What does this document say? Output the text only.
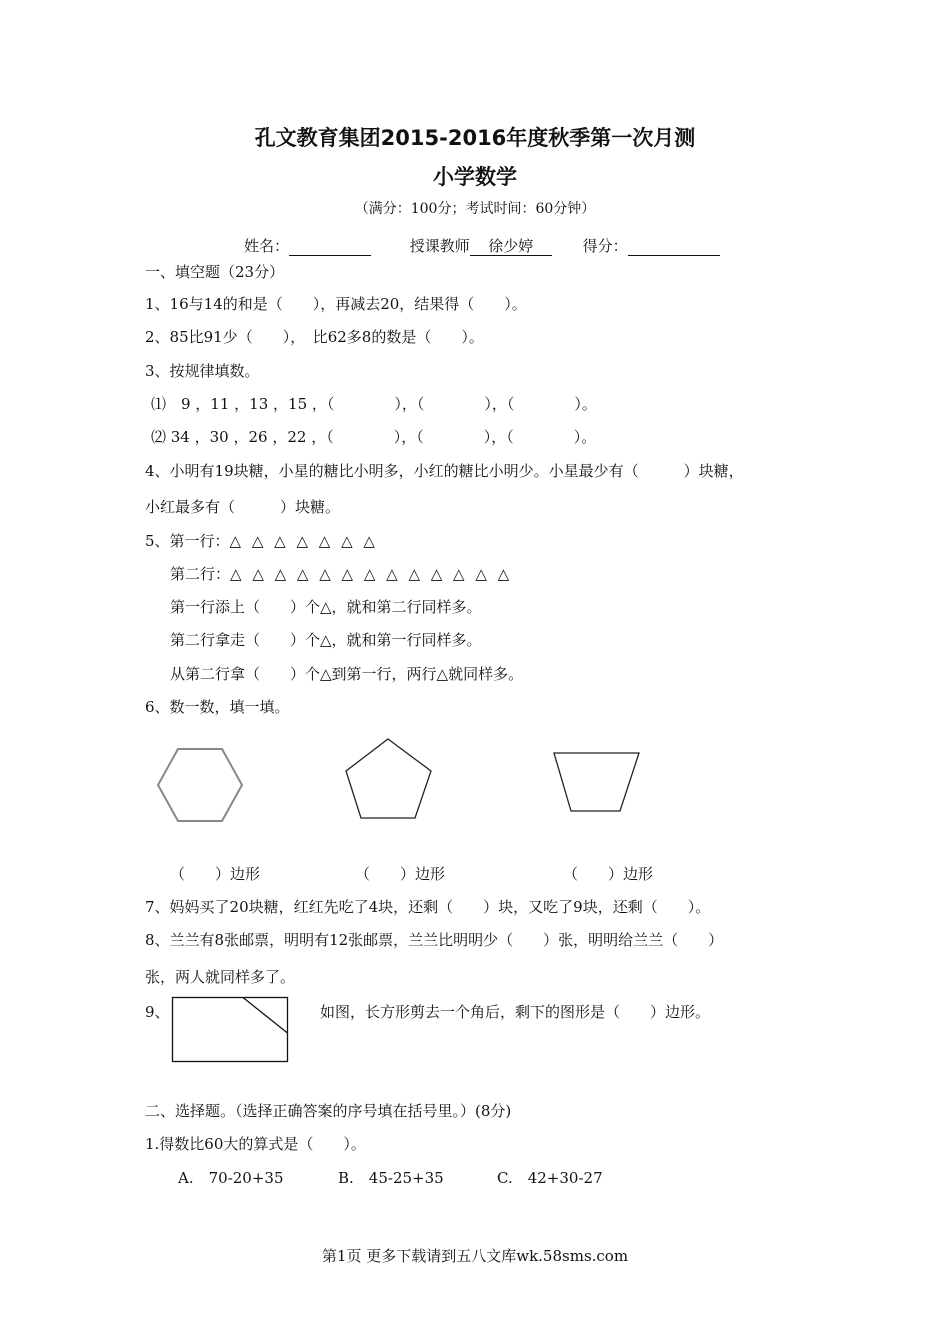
孔文教育集团2015-2016年度秋季第一次月测
小学数学
（满分：100分；考试时间：60分钟）
姓名：	授课教师 徐少婷	得分：
一、填空题（23分）
1、16与14的和是（　　），再减去20，结果得（　　）。
2、85比91少（　　），　比62多8的数是（　　）。
3、按规律填数。
⑴　9 ，11 ，13 ，15 ，（　　　　），（　　　　），（　　　　）。
⑵ 34 ，30 ，26 ，22 ，（　　　　），（　　　　），（　　　　）。
4、小明有19块糖，小星的糖比小明多，小红的糖比小明少。小星最少有（　　　）块糖，
小红最多有（　　　）块糖。
5、第一行：△ △ △ △ △ △ △
第二行：△ △ △ △ △ △ △ △ △ △ △ △ △
第一行添上（　　）个△，就和第二行同样多。
第二行拿走（　　）个△，就和第一行同样多。
从第二行拿（　　）个△到第一行，两行△就同样多。
6、数一数，填一填。
（　　）边形	（　　）边形	（　　）边形
7、妈妈买了20块糖，红红先吃了4块，还剩（　　）块，又吃了9块，还剩（　　）。
8、兰兰有8张邮票，明明有12张邮票，兰兰比明明少（　　）张，明明给兰兰（　　）
张，两人就同样多了。
9、	如图，长方形剪去一个角后，剩下的图形是（　　）边形。
二、选择题。（选择正确答案的序号填在括号里。）(8分)
1.得数比60大的算式是（　　）。
A.　70-20+35	B.　45-25+35	C.　42+30-27
第1页 更多下载请到五八文库wk.58sms.com
